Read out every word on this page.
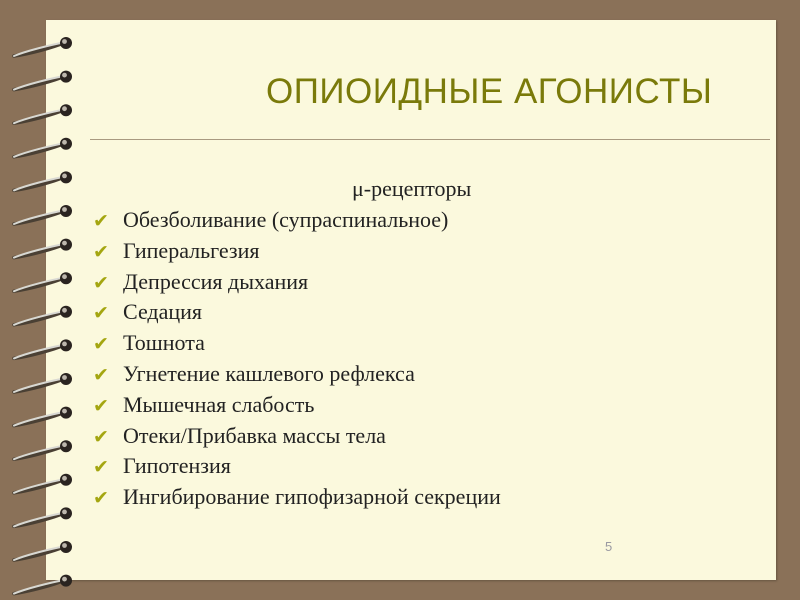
ОПИОИДНЫЕ АГОНИСТЫ
μ-рецепторы
✔ Обезболивание (супраспинальное)
✔ Гиперальгезия
✔ Депрессия дыхания
✔ Седация
✔ Тошнота
✔ Угнетение кашлевого рефлекса
✔ Мышечная слабость
✔ Отеки/Прибавка массы тела
✔ Гипотензия
✔ Ингибирование гипофизарной секреции
5
